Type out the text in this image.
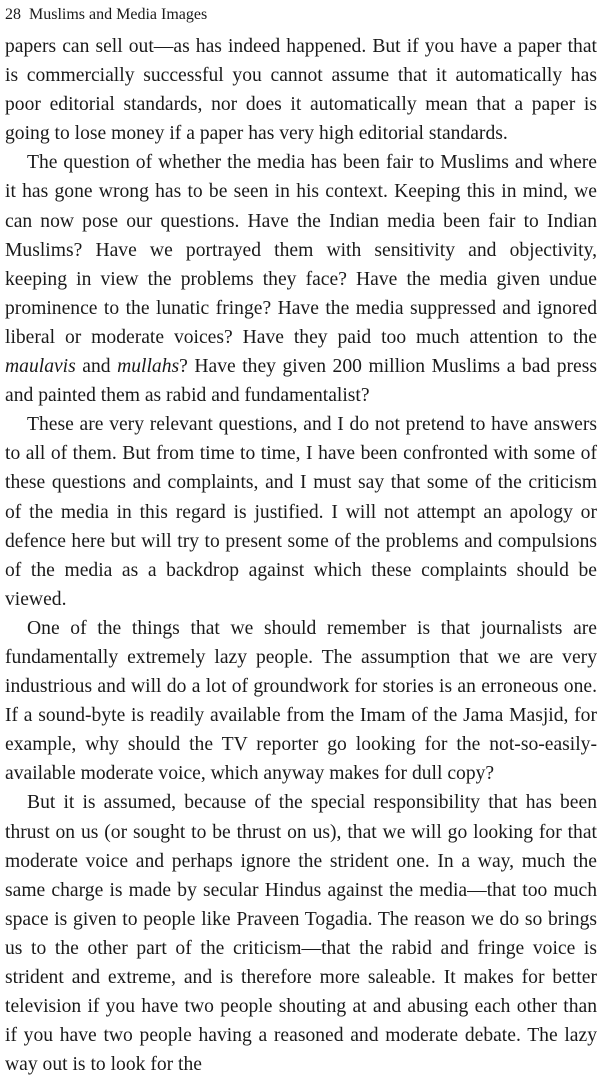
28 Muslims and Media Images

papers can sell out—as has indeed happened. But if you have a paper that is commercially successful you cannot assume that it automatically has poor editorial standards, nor does it automatically mean that a paper is going to lose money if a paper has very high editorial standards.

The question of whether the media has been fair to Muslims and where it has gone wrong has to be seen in his context. Keeping this in mind, we can now pose our questions. Have the Indian media been fair to Indian Muslims? Have we portrayed them with sensitivity and objectivity, keeping in view the problems they face? Have the media given undue prominence to the lunatic fringe? Have the media suppressed and ignored liberal or moderate voices? Have they paid too much attention to the maulavis and mullahs? Have they given 200 million Muslims a bad press and painted them as rabid and fundamentalist?

These are very relevant questions, and I do not pretend to have answers to all of them. But from time to time, I have been confronted with some of these questions and complaints, and I must say that some of the criticism of the media in this regard is justified. I will not attempt an apology or defence here but will try to present some of the problems and compulsions of the media as a backdrop against which these complaints should be viewed.

One of the things that we should remember is that journalists are fundamentally extremely lazy people. The assumption that we are very industrious and will do a lot of groundwork for stories is an erroneous one. If a sound-byte is readily available from the Imam of the Jama Masjid, for example, why should the TV reporter go looking for the not-so-easily-available moderate voice, which anyway makes for dull copy?

But it is assumed, because of the special responsibility that has been thrust on us (or sought to be thrust on us), that we will go looking for that moderate voice and perhaps ignore the strident one. In a way, much the same charge is made by secular Hindus against the media—that too much space is given to people like Praveen Togadia. The reason we do so brings us to the other part of the criticism—that the rabid and fringe voice is strident and extreme, and is therefore more saleable. It makes for better television if you have two people shouting at and abusing each other than if you have two people having a reasoned and moderate debate. The lazy way out is to look for the
